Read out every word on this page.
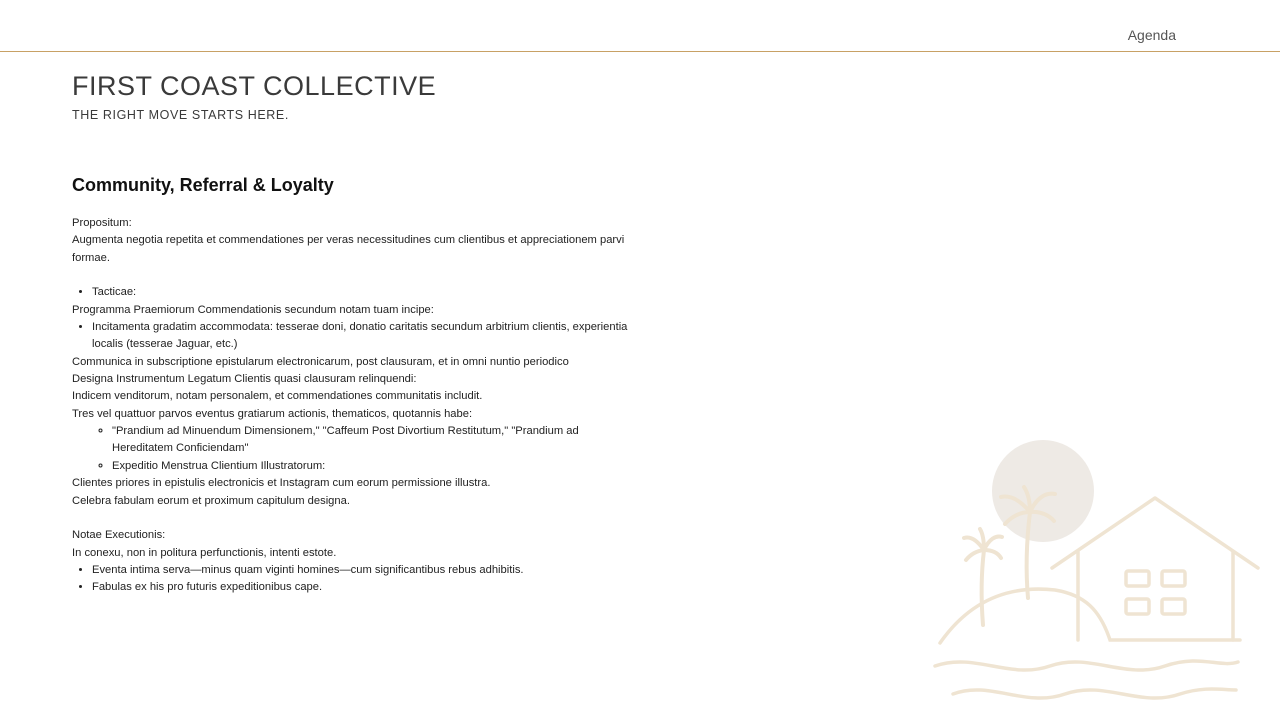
Agenda
FIRST COAST COLLECTIVE
THE RIGHT MOVE STARTS HERE.
Community, Referral & Loyalty

Propositum:

Augmenta negotia repetita et commendationes per veras necessitudines cum clientibus et appreciationem parvi formae.

• Tacticae:

Programma Praemiorum Commendationis secundum notam tuam incipe:

• Incitamenta gradatim accommodata: tesserae doni, donatio caritatis secundum arbitrium clientis, experientia localis (tesserae Jaguar, etc.)

Communica in subscriptione epistularum electronicarum, post clausuram, et in omni nuntio periodico

Designa Instrumentum Legatum Clientis quasi clausuram relinquendi:

Indicem venditorum, notam personalem, et commendationes communitatis includit.

Tres vel quattuor parvos eventus gratiarum actionis, thematicos, quotannis habe:

◦ "Prandium ad Minuendum Dimensionem," "Caffeum Post Divortium Restitutum," "Prandium ad Hereditatem Conficiendam"
◦ Expeditio Menstrua Clientium Illustratorum:

Clientes priores in epistulis electronicis et Instagram cum eorum permissione illustra.

Celebra fabulam eorum et proximum capitulum designa.

Notae Executionis:

In conexu, non in politura perfunctionis, intenti estote.

• Eventa intima serva—minus quam viginti homines—cum significantibus rebus adhibitis.
• Fabulas ex his pro futuris expeditionibus cape.
